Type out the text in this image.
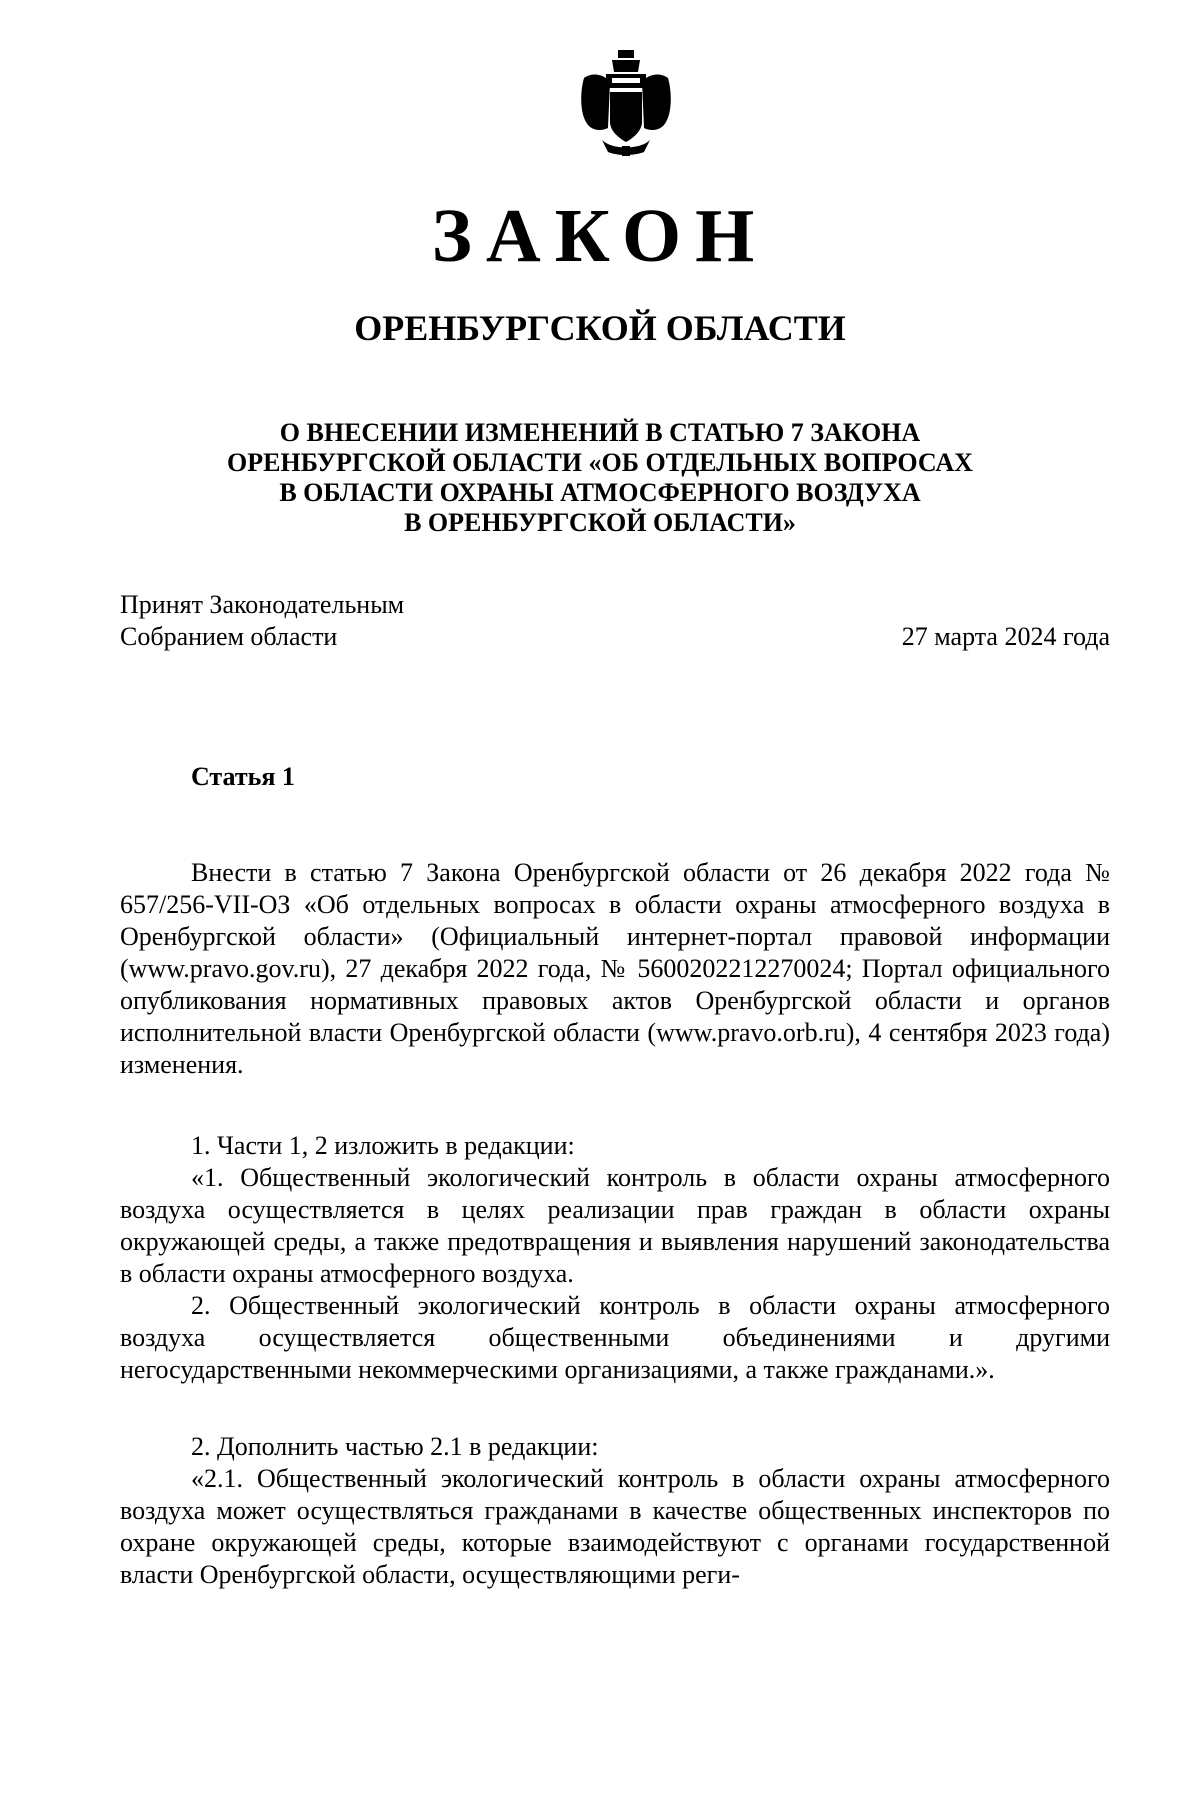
ЗАКОН
ОРЕНБУРГСКОЙ ОБЛАСТИ
О ВНЕСЕНИИ ИЗМЕНЕНИЙ В СТАТЬЮ 7 ЗАКОНА
ОРЕНБУРГСКОЙ ОБЛАСТИ «ОБ ОТДЕЛЬНЫХ ВОПРОСАХ
В ОБЛАСТИ ОХРАНЫ АТМОСФЕРНОГО ВОЗДУХА
В ОРЕНБУРГСКОЙ ОБЛАСТИ»
Принят Законодательным
Собранием области	27 марта 2024 года
Статья 1

Внести в статью 7 Закона Оренбургской области от 26 декабря 2022 года № 657/256-VII-ОЗ «Об отдельных вопросах в области охраны атмосферного воздуха в Оренбургской области» (Официальный интернет-портал правовой информации (www.pravo.gov.ru), 27 декабря 2022 года, № 5600202212270024; Портал официального опубликования нормативных правовых актов Оренбургской области и органов исполнительной власти Оренбургской области (www.pravo.orb.ru), 4 сентября 2023 года) изменения.

1. Части 1, 2 изложить в редакции:

«1. Общественный экологический контроль в области охраны атмосферного воздуха осуществляется в целях реализации прав граждан в области охраны окружающей среды, а также предотвращения и выявления нарушений законодательства в области охраны атмосферного воздуха.

2. Общественный экологический контроль в области охраны атмосферного воздуха осуществляется общественными объединениями и другими негосударственными некоммерческими организациями, а также гражданами.».

2. Дополнить частью 2.1 в редакции:

«2.1. Общественный экологический контроль в области охраны атмосферного воздуха может осуществляться гражданами в качестве общественных инспекторов по охране окружающей среды, которые взаимодействуют с органами государственной власти Оренбургской области, осуществляющими реги-
